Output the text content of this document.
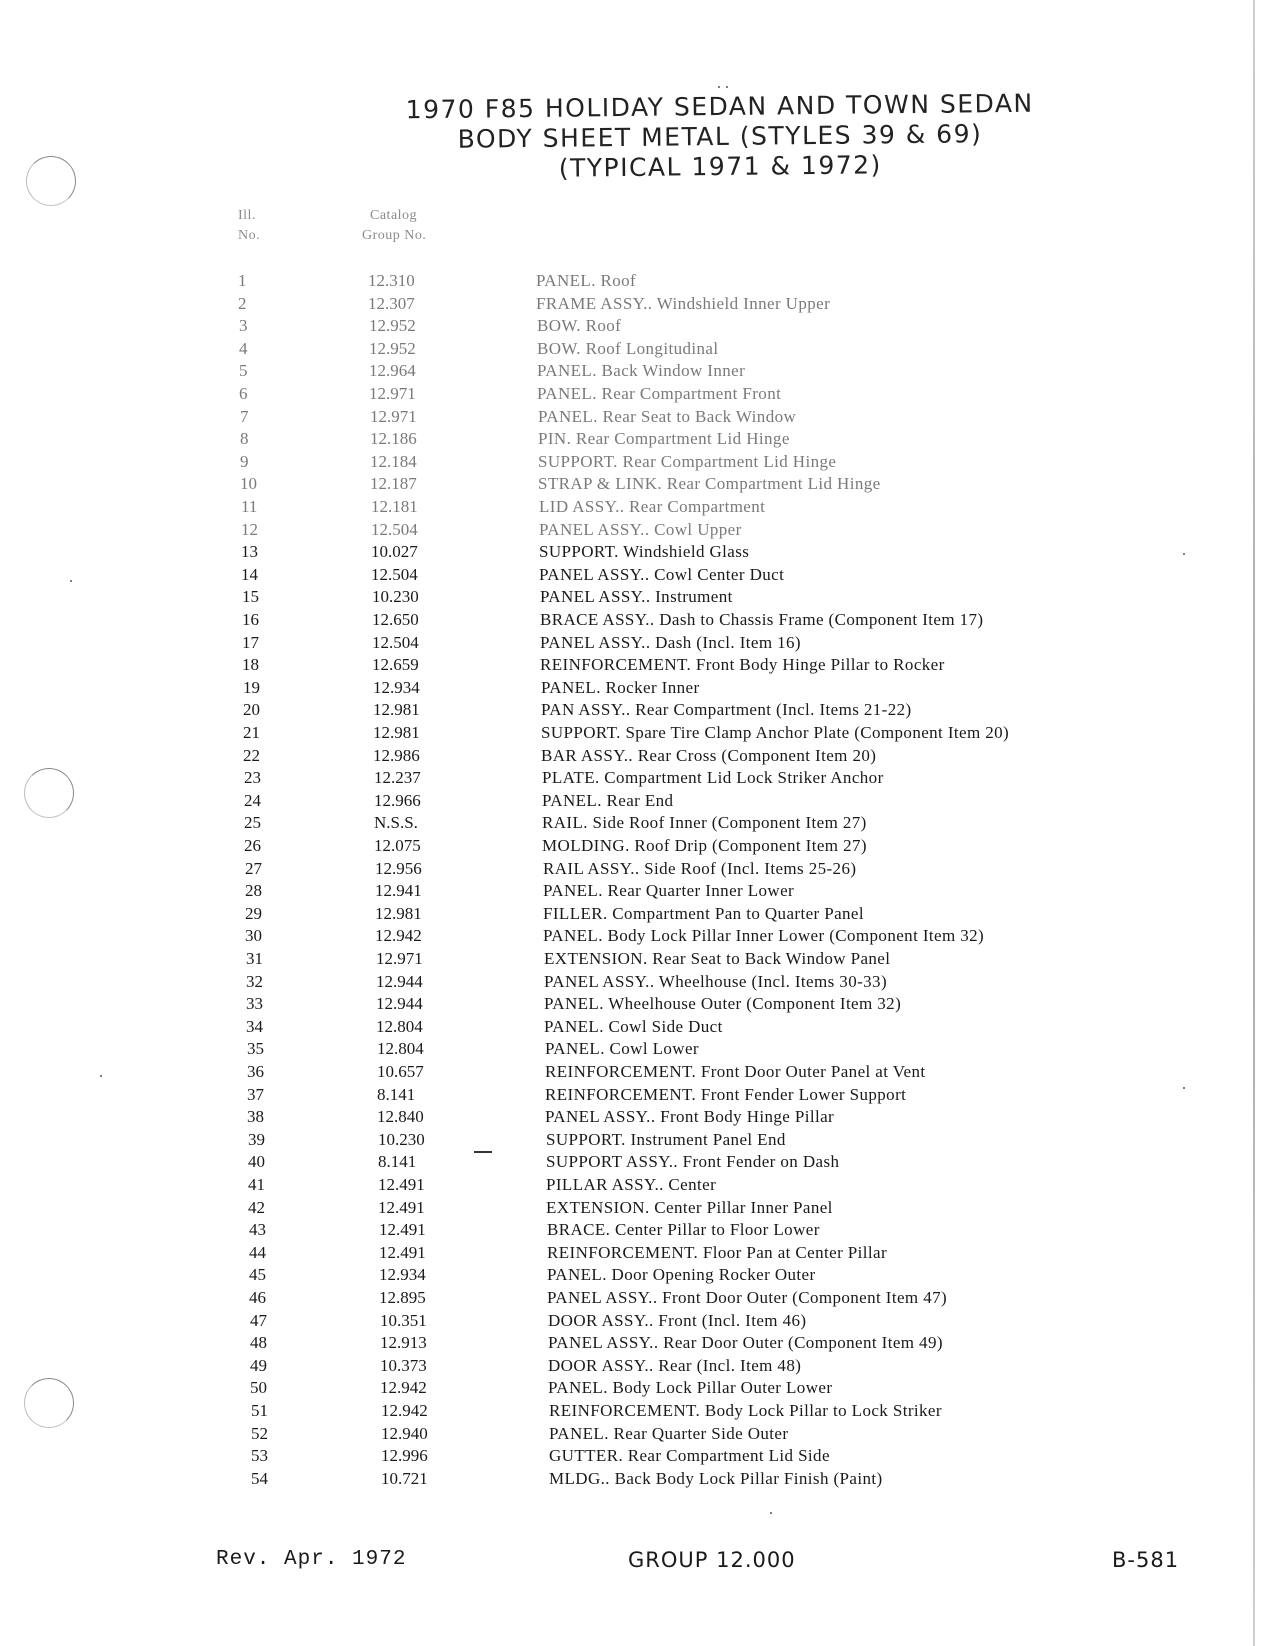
1970 F85 HOLIDAY SEDAN AND TOWN SEDAN
BODY SHEET METAL (STYLES 39 & 69)
(TYPICAL 1971 & 1972)
Ill.
No.
Catalog
Group No.
1	12.310	PANEL. Roof
2	12.307	FRAME ASSY.. Windshield Inner Upper
3	12.952	BOW. Roof
4	12.952	BOW. Roof Longitudinal
5	12.964	PANEL. Back Window Inner
6	12.971	PANEL. Rear Compartment Front
7	12.971	PANEL. Rear Seat to Back Window
8	12.186	PIN. Rear Compartment Lid Hinge
9	12.184	SUPPORT. Rear Compartment Lid Hinge
10	12.187	STRAP & LINK. Rear Compartment Lid Hinge
11	12.181	LID ASSY.. Rear Compartment
12	12.504	PANEL ASSY.. Cowl Upper
13	10.027	SUPPORT. Windshield Glass
14	12.504	PANEL ASSY.. Cowl Center Duct
15	10.230	PANEL ASSY.. Instrument
16	12.650	BRACE ASSY.. Dash to Chassis Frame (Component Item 17)
17	12.504	PANEL ASSY.. Dash (Incl. Item 16)
18	12.659	REINFORCEMENT. Front Body Hinge Pillar to Rocker
19	12.934	PANEL. Rocker Inner
20	12.981	PAN ASSY.. Rear Compartment (Incl. Items 21-22)
21	12.981	SUPPORT. Spare Tire Clamp Anchor Plate (Component Item 20)
22	12.986	BAR ASSY.. Rear Cross (Component Item 20)
23	12.237	PLATE. Compartment Lid Lock Striker Anchor
24	12.966	PANEL. Rear End
25	N.S.S.	RAIL. Side Roof Inner (Component Item 27)
26	12.075	MOLDING. Roof Drip (Component Item 27)
27	12.956	RAIL ASSY.. Side Roof (Incl. Items 25-26)
28	12.941	PANEL. Rear Quarter Inner Lower
29	12.981	FILLER. Compartment Pan to Quarter Panel
30	12.942	PANEL. Body Lock Pillar Inner Lower (Component Item 32)
31	12.971	EXTENSION. Rear Seat to Back Window Panel
32	12.944	PANEL ASSY.. Wheelhouse (Incl. Items 30-33)
33	12.944	PANEL. Wheelhouse Outer (Component Item 32)
34	12.804	PANEL. Cowl Side Duct
35	12.804	PANEL. Cowl Lower
36	10.657	REINFORCEMENT. Front Door Outer Panel at Vent
37	8.141	REINFORCEMENT. Front Fender Lower Support
38	12.840	PANEL ASSY.. Front Body Hinge Pillar
39	10.230	SUPPORT. Instrument Panel End
40	8.141	SUPPORT ASSY.. Front Fender on Dash
41	12.491	PILLAR ASSY.. Center
42	12.491	EXTENSION. Center Pillar Inner Panel
43	12.491	BRACE. Center Pillar to Floor Lower
44	12.491	REINFORCEMENT. Floor Pan at Center Pillar
45	12.934	PANEL. Door Opening Rocker Outer
46	12.895	PANEL ASSY.. Front Door Outer (Component Item 47)
47	10.351	DOOR ASSY.. Front (Incl. Item 46)
48	12.913	PANEL ASSY.. Rear Door Outer (Component Item 49)
49	10.373	DOOR ASSY.. Rear (Incl. Item 48)
50	12.942	PANEL. Body Lock Pillar Outer Lower
51	12.942	REINFORCEMENT. Body Lock Pillar to Lock Striker
52	12.940	PANEL. Rear Quarter Side Outer
53	12.996	GUTTER. Rear Compartment Lid Side
54	10.721	MLDG.. Back Body Lock Pillar Finish (Paint)
Rev. Apr. 1972	GROUP 12.000	B-581
